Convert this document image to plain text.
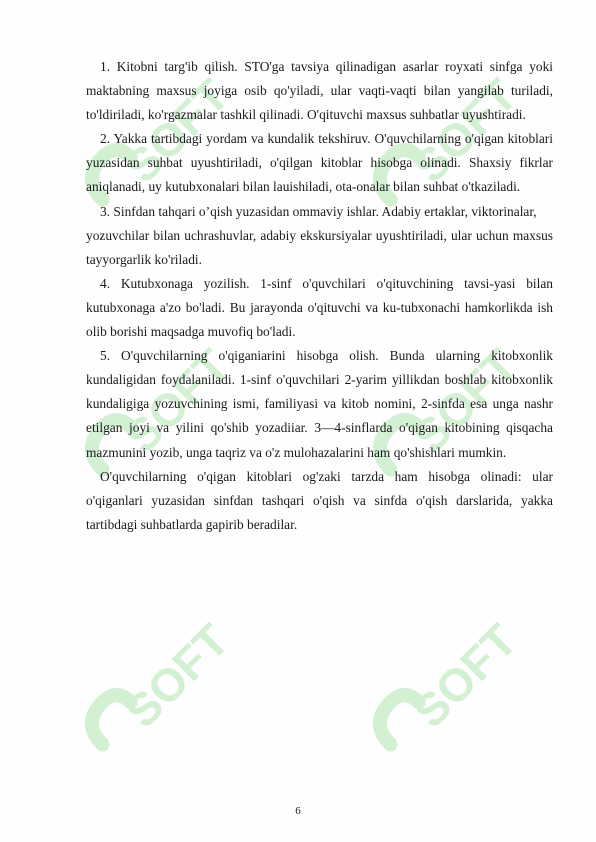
SOFT	SOFT
SOFT	SOFT
SOFT
SOFT

1. Kitobni targ'ib qilish. STO'ga tavsiya qilinadigan asarlar royxati sinfga yoki maktabning maxsus joyiga osib qo'yiladi, ular vaqti-vaqti bilan yangilab turiladi, to'ldiriladi, ko'rgazmalar tashkil qilinadi. O'qituvchi maxsus suhbatlar uyushtiradi.

2. Yakka tartibdagi yordam va kundalik tekshiruv. O'quvchilarning o'qigan kitoblari yuzasidan suhbat uyushtiriladi, o'qilgan kitoblar hisobga olinadi. Shaxsiy fikrlar aniqlanadi, uy kutubxonalari bilan lauishiladi, ota-onalar bilan suhbat o'tkaziladi.

3. Sinfdan tahqari o’qish yuzasidan ommaviy ishlar. Adabiy ertaklar, viktorinalar,

yozuvchilar bilan uchrashuvlar, adabiy ekskursiyalar uyushtiriladi, ular uchun maxsus tayyorgarlik ko'riladi.

4. Kutubxonaga yozilish. 1-sinf o'quvchilari o'qituvchining tavsi-yasi bilan kutubxonaga a'zo bo'ladi. Bu jarayonda o'qituvchi va ku-tubxonachi hamkorlikda ish olib borishi maqsadga muvofiq bo'ladi.

5. O'quvchilarning o'qiganiarini hisobga olish. Bunda ularning kitobxonlik kundaligidan foydalaniladi. 1-sinf o'quvchilari 2-yarim yillikdan boshlab kitobxonlik kundaligiga yozuvchining ismi, familiyasi va kitob nomini, 2-sinfda esa unga nashr etilgan joyi va yilini qo'shib yozadiiar. 3—4-sinflarda o'qigan kitobining qisqacha mazmunini yozib, unga taqriz va o'z mulohazalarini ham qo'shishlari mumkin.

O'quvchilarning o'qigan kitoblari og'zaki tarzda ham hisobga olinadi: ular o'qiganlari yuzasidan sinfdan tashqari o'qish va sinfda o'qish darslarida, yakka tartibdagi suhbatlarda gapirib beradilar.

6
